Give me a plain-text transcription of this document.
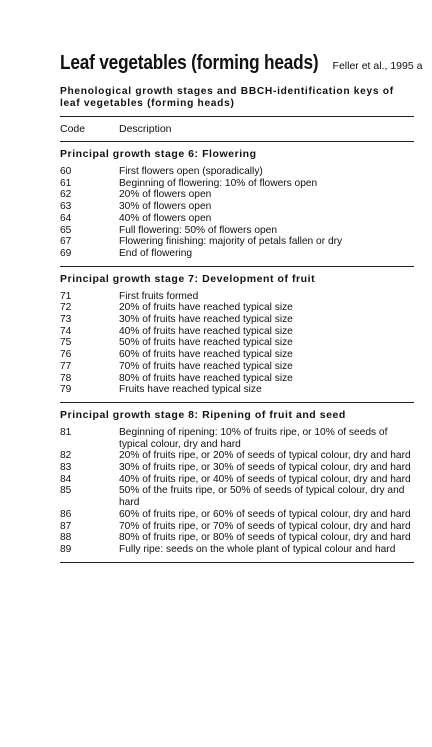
Leaf vegetables (forming heads) Feller et al., 1995 a
Phenological growth stages and BBCH-identification keys of leaf vegetables (forming heads)
Code	Description
Principal growth stage 6: Flowering
60	First flowers open (sporadically)
61	Beginning of flowering: 10% of flowers open
62	20% of flowers open
63	30% of flowers open
64	40% of flowers open
65	Full flowering: 50% of flowers open
67	Flowering finishing: majority of petals fallen or dry
69	End of flowering
Principal growth stage 7: Development of fruit
71	First fruits formed
72	20% of fruits have reached typical size
73	30% of fruits have reached typical size
74	40% of fruits have reached typical size
75	50% of fruits have reached typical size
76	60% of fruits have reached typical size
77	70% of fruits have reached typical size
78	80% of fruits have reached typical size
79	Fruits have reached typical size
Principal growth stage 8: Ripening of fruit and seed
81	Beginning of ripening: 10% of fruits ripe, or 10% of seeds of typical colour, dry and hard
82	20% of fruits ripe, or 20% of seeds of typical colour, dry and hard
83	30% of fruits ripe, or 30% of seeds of typical colour, dry and hard
84	40% of fruits ripe, or 40% of seeds of typical colour, dry and hard
85	50% of the fruits ripe, or 50% of seeds of typical colour, dry and hard
86	60% of fruits ripe, or 60% of seeds of typical colour, dry and hard
87	70% of fruits ripe, or 70% of seeds of typical colour, dry and hard
88	80% of fruits ripe, or 80% of seeds of typical colour, dry and hard
89	Fully ripe: seeds on the whole plant of typical colour and hard
